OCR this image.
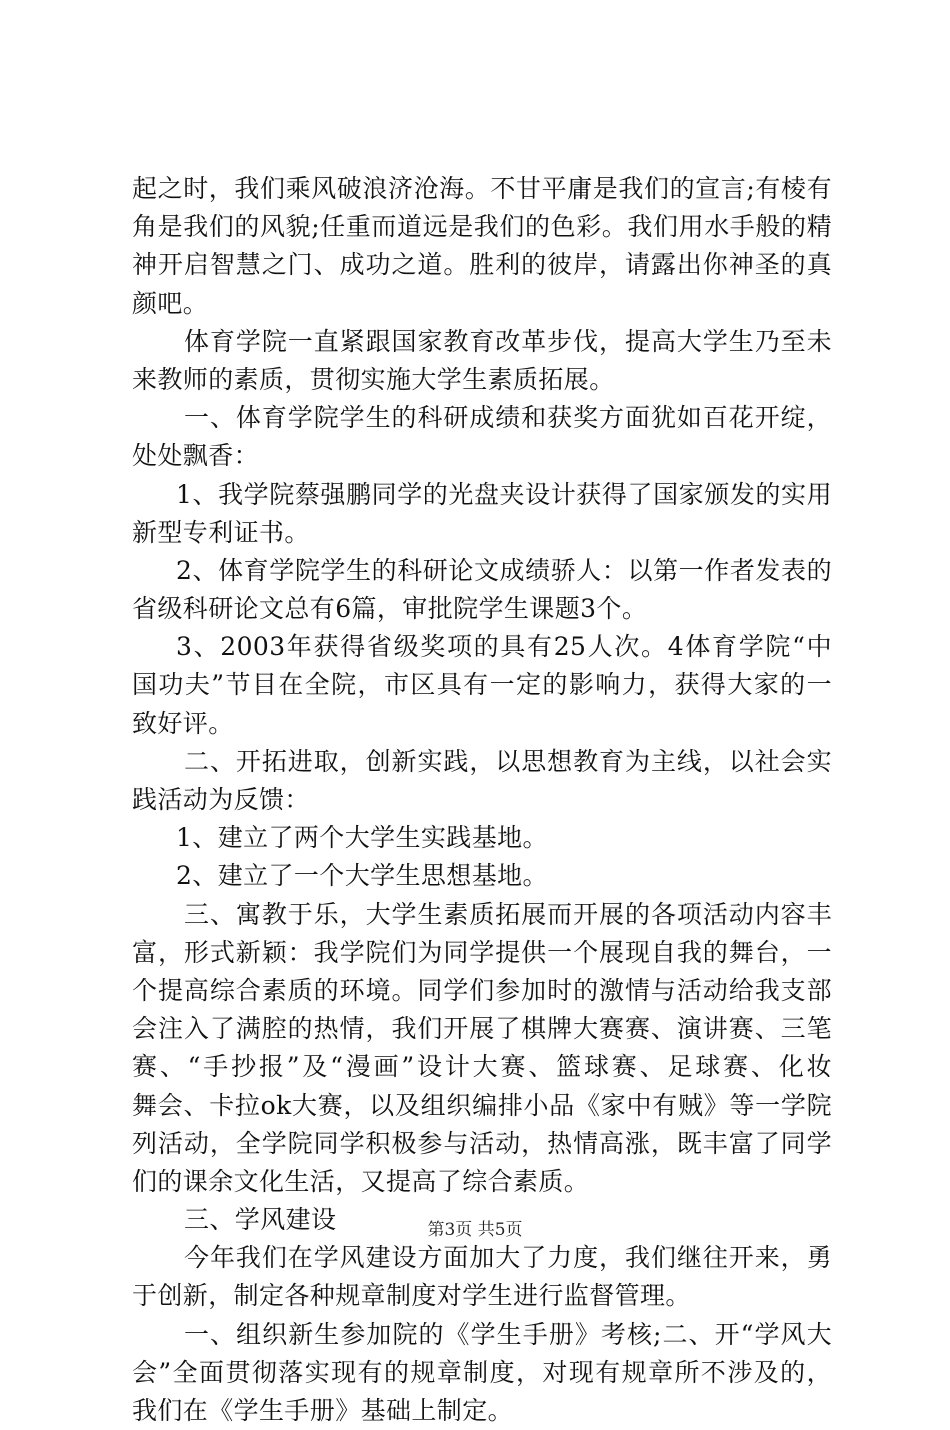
起之时，我们乘风破浪济沧海。不甘平庸是我们的宣言;有棱有
角是我们的风貌;任重而道远是我们的色彩。我们用水手般的精
神开启智慧之门、成功之道。胜利的彼岸，请露出你神圣的真
颜吧。
体育学院一直紧跟国家教育改革步伐，提高大学生乃至未
来教师的素质，贯彻实施大学生素质拓展。
一、体育学院学生的科研成绩和获奖方面犹如百花开绽，
处处飘香：
1、我学院蔡强鹏同学的光盘夹设计获得了国家颁发的实用
新型专利证书。
2、体育学院学生的科研论文成绩骄人：以第一作者发表的
省级科研论文总有6篇，审批院学生课题3个。
3、2003年获得省级奖项的具有25人次。4体育学院“中
国功夫”节目在全院，市区具有一定的影响力，获得大家的一
致好评。
二、开拓进取，创新实践，以思想教育为主线，以社会实
践活动为反馈：
1、建立了两个大学生实践基地。
2、建立了一个大学生思想基地。
三、寓教于乐，大学生素质拓展而开展的各项活动内容丰
富，形式新颖：我学院们为同学提供一个展现自我的舞台，一
个提高综合素质的环境。同学们参加时的激情与活动给我支部
会注入了满腔的热情，我们开展了棋牌大赛赛、演讲赛、三笔
赛、“手抄报”及“漫画”设计大赛、篮球赛、足球赛、化妆
舞会、卡拉ok大赛，以及组织编排小品《家中有贼》等一学院
列活动，全学院同学积极参与活动，热情高涨，既丰富了同学
们的课余文化生活，又提高了综合素质。
三、学风建设
今年我们在学风建设方面加大了力度，我们继往开来，勇
于创新，制定各种规章制度对学生进行监督管理。
一、组织新生参加院的《学生手册》考核;二、开“学风大
会”全面贯彻落实现有的规章制度，对现有规章所不涉及的，
我们在《学生手册》基础上制定。
第3页 共5页
